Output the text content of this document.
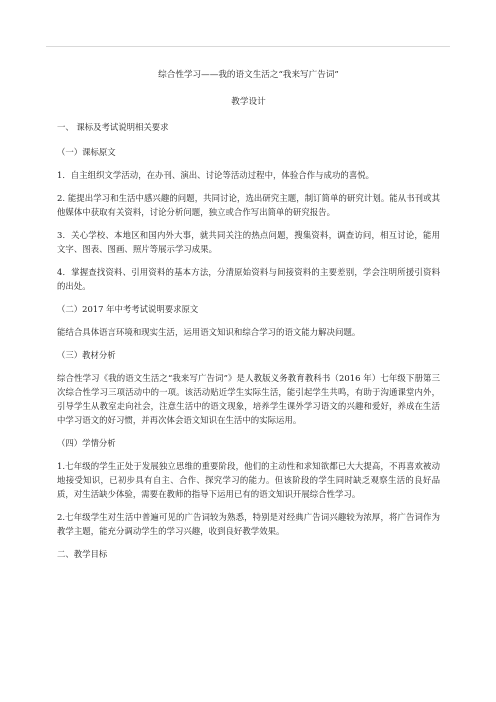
综合性学习——我的语文生活之“我来写广告词”
教学设计
一、 课标及考试说明相关要求
（一）课标原文
1．自主组织文学活动，在办刊、演出、讨论等活动过程中，体验合作与成功的喜悦。
2. 能提出学习和生活中感兴趣的问题，共同讨论，选出研究主题，制订简单的研究计划。能从书刊或其他媒体中获取有关资料，讨论分析问题，独立或合作写出简单的研究报告。
3．关心学校、本地区和国内外大事，就共同关注的热点问题，搜集资料，调查访问，相互讨论，能用文字、图表、图画、照片等展示学习成果。
4．掌握查找资料、引用资料的基本方法，分清原始资料与间接资料的主要差别，学会注明所援引资料的出处。
（二）2017 年中考考试说明要求原文
能结合具体语言环境和现实生活，运用语文知识和综合学习的语文能力解决问题。
（三）教材分析
综合性学习《我的语文生活之“我来写广告词”》是人教版义务教育教科书（2016 年）七年级下册第三次综合性学习三项活动中的一项。该活动贴近学生实际生活，能引起学生共鸣，有助于沟通课堂内外，引导学生从教室走向社会，注意生活中的语文现象，培养学生课外学习语文的兴趣和爱好，养成在生活中学习语文的好习惯，并再次体会语文知识在生活中的实际运用。
（四）学情分析
1.七年级的学生正处于发展独立思维的重要阶段，他们的主动性和求知欲都已大大提高，不再喜欢被动地接受知识，已初步具有自主、合作、探究学习的能力。但该阶段的学生同时缺乏观察生活的良好品质，对生活缺少体验，需要在教师的指导下运用已有的语文知识开展综合性学习。
2.七年级学生对生活中普遍可见的广告词较为熟悉，特别是对经典广告词兴趣较为浓厚，将广告词作为教学主题，能充分调动学生的学习兴趣，收到良好教学效果。
二、教学目标
